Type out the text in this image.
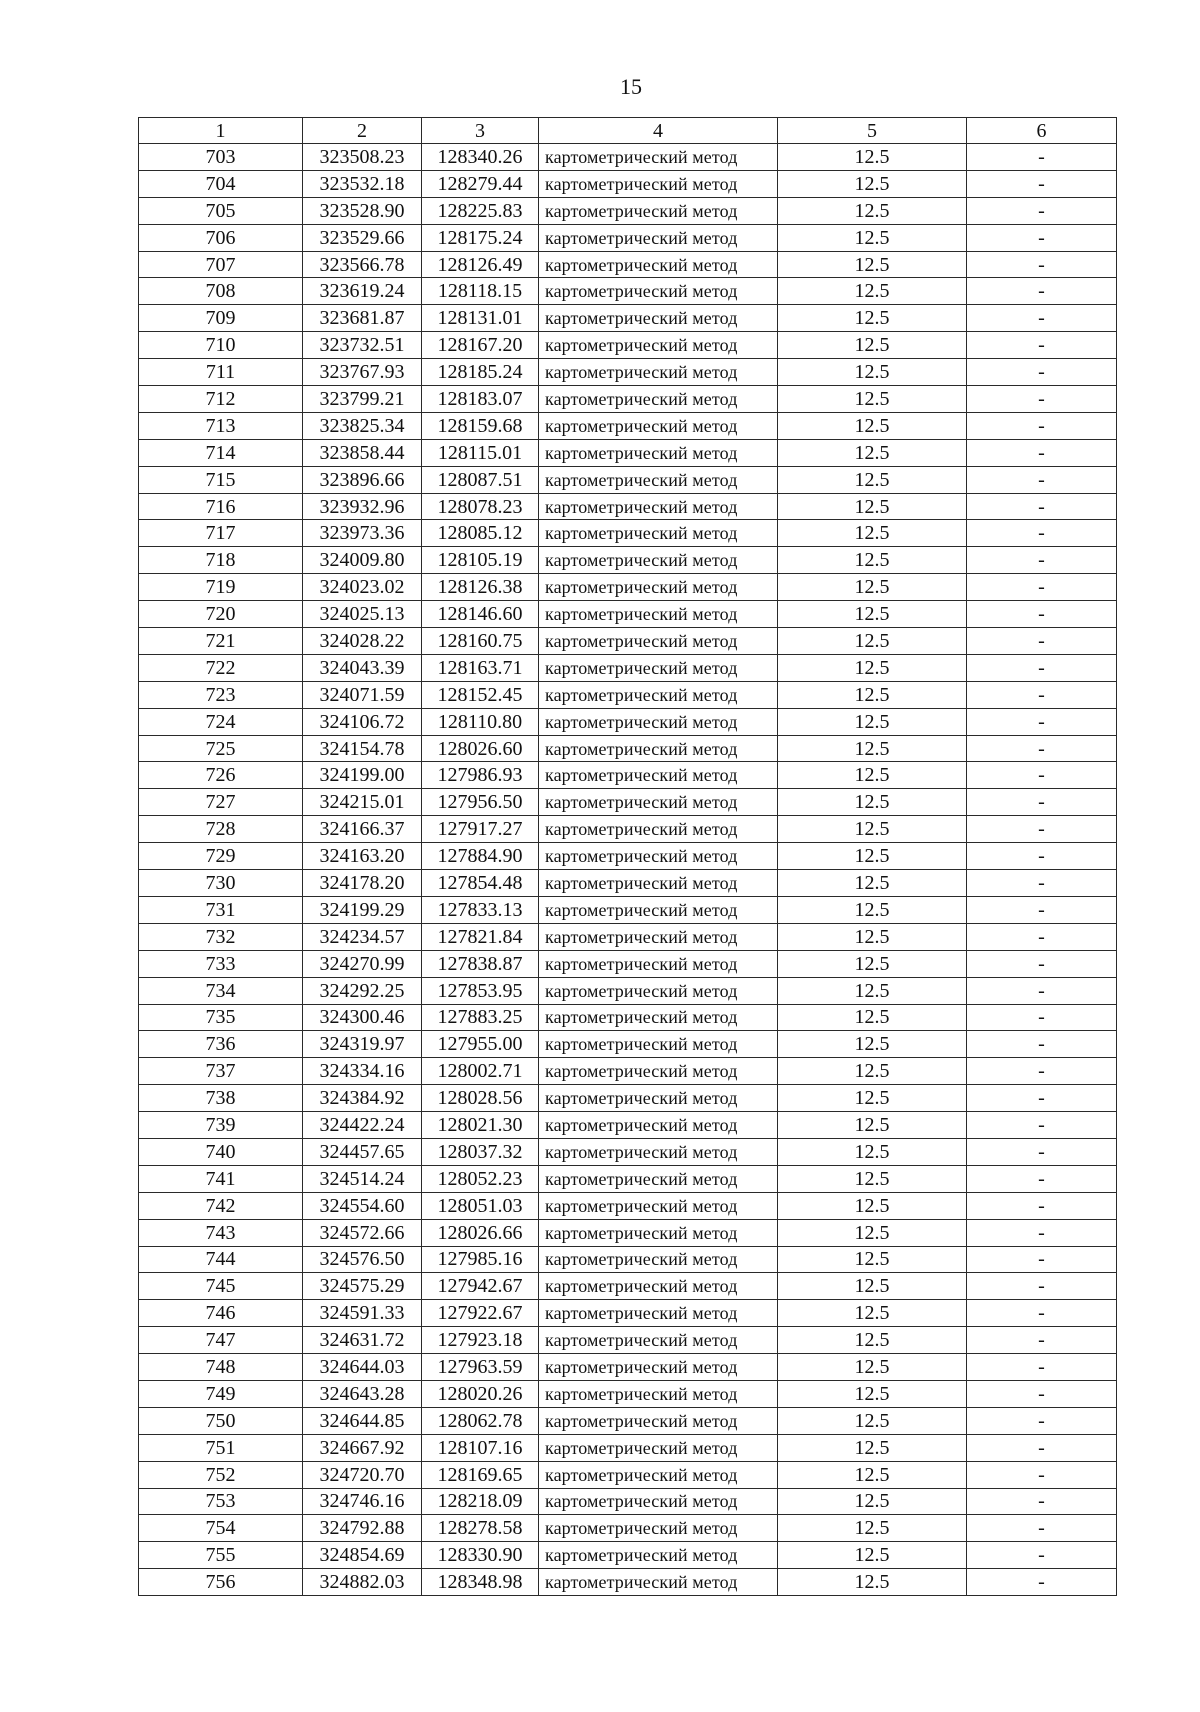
15
1	2	3	4	5	6
703	323508.23	128340.26	картометрический метод	12.5	-
704	323532.18	128279.44	картометрический метод	12.5	-
705	323528.90	128225.83	картометрический метод	12.5	-
706	323529.66	128175.24	картометрический метод	12.5	-
707	323566.78	128126.49	картометрический метод	12.5	-
708	323619.24	128118.15	картометрический метод	12.5	-
709	323681.87	128131.01	картометрический метод	12.5	-
710	323732.51	128167.20	картометрический метод	12.5	-
711	323767.93	128185.24	картометрический метод	12.5	-
712	323799.21	128183.07	картометрический метод	12.5	-
713	323825.34	128159.68	картометрический метод	12.5	-
714	323858.44	128115.01	картометрический метод	12.5	-
715	323896.66	128087.51	картометрический метод	12.5	-
716	323932.96	128078.23	картометрический метод	12.5	-
717	323973.36	128085.12	картометрический метод	12.5	-
718	324009.80	128105.19	картометрический метод	12.5	-
719	324023.02	128126.38	картометрический метод	12.5	-
720	324025.13	128146.60	картометрический метод	12.5	-
721	324028.22	128160.75	картометрический метод	12.5	-
722	324043.39	128163.71	картометрический метод	12.5	-
723	324071.59	128152.45	картометрический метод	12.5	-
724	324106.72	128110.80	картометрический метод	12.5	-
725	324154.78	128026.60	картометрический метод	12.5	-
726	324199.00	127986.93	картометрический метод	12.5	-
727	324215.01	127956.50	картометрический метод	12.5	-
728	324166.37	127917.27	картометрический метод	12.5	-
729	324163.20	127884.90	картометрический метод	12.5	-
730	324178.20	127854.48	картометрический метод	12.5	-
731	324199.29	127833.13	картометрический метод	12.5	-
732	324234.57	127821.84	картометрический метод	12.5	-
733	324270.99	127838.87	картометрический метод	12.5	-
734	324292.25	127853.95	картометрический метод	12.5	-
735	324300.46	127883.25	картометрический метод	12.5	-
736	324319.97	127955.00	картометрический метод	12.5	-
737	324334.16	128002.71	картометрический метод	12.5	-
738	324384.92	128028.56	картометрический метод	12.5	-
739	324422.24	128021.30	картометрический метод	12.5	-
740	324457.65	128037.32	картометрический метод	12.5	-
741	324514.24	128052.23	картометрический метод	12.5	-
742	324554.60	128051.03	картометрический метод	12.5	-
743	324572.66	128026.66	картометрический метод	12.5	-
744	324576.50	127985.16	картометрический метод	12.5	-
745	324575.29	127942.67	картометрический метод	12.5	-
746	324591.33	127922.67	картометрический метод	12.5	-
747	324631.72	127923.18	картометрический метод	12.5	-
748	324644.03	127963.59	картометрический метод	12.5	-
749	324643.28	128020.26	картометрический метод	12.5	-
750	324644.85	128062.78	картометрический метод	12.5	-
751	324667.92	128107.16	картометрический метод	12.5	-
752	324720.70	128169.65	картометрический метод	12.5	-
753	324746.16	128218.09	картометрический метод	12.5	-
754	324792.88	128278.58	картометрический метод	12.5	-
755	324854.69	128330.90	картометрический метод	12.5	-
756	324882.03	128348.98	картометрический метод	12.5	-
